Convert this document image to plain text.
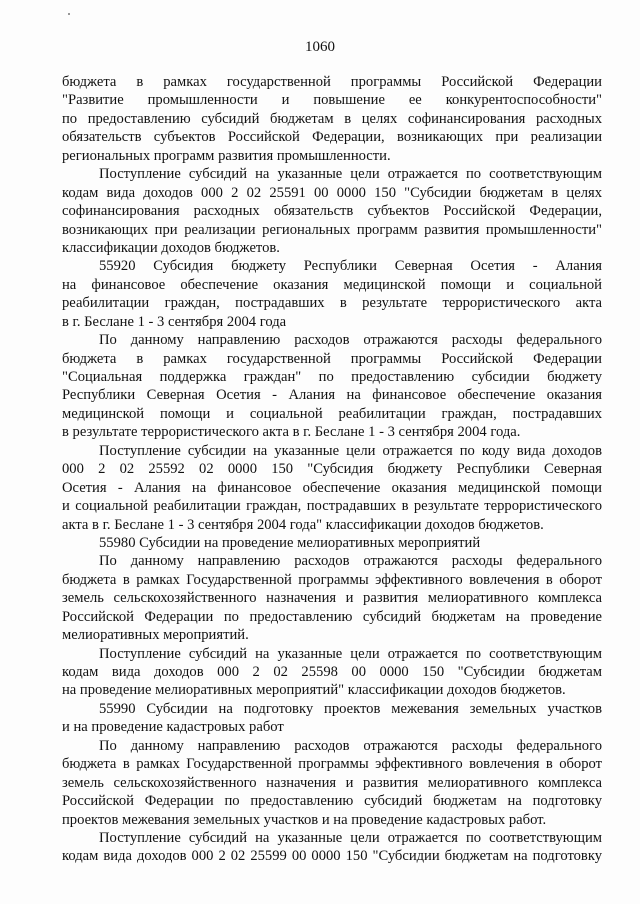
1060
бюджета в рамках государственной программы Российской Федерации
"Развитие промышленности и повышение ее конкурентоспособности"
по предоставлению субсидий бюджетам в целях софинансирования расходных
обязательств субъектов Российской Федерации, возникающих при реализации
региональных программ развития промышленности.
Поступление субсидий на указанные цели отражается по соответствующим
кодам вида доходов 000 2 02 25591 00 0000 150 "Субсидии бюджетам в целях
софинансирования расходных обязательств субъектов Российской Федерации,
возникающих при реализации региональных программ развития промышленности"
классификации доходов бюджетов.
55920 Субсидия бюджету Республики Северная Осетия - Алания
на финансовое обеспечение оказания медицинской помощи и социальной
реабилитации граждан, пострадавших в результате террористического акта
в г. Беслане 1 - 3 сентября 2004 года
По данному направлению расходов отражаются расходы федерального
бюджета в рамках государственной программы Российской Федерации
"Социальная поддержка граждан" по предоставлению субсидии бюджету
Республики Северная Осетия - Алания на финансовое обеспечение оказания
медицинской помощи и социальной реабилитации граждан, пострадавших
в результате террористического акта в г. Беслане 1 - 3 сентября 2004 года.
Поступление субсидии на указанные цели отражается по коду вида доходов
000 2 02 25592 02 0000 150 "Субсидия бюджету Республики Северная
Осетия - Алания на финансовое обеспечение оказания медицинской помощи
и социальной реабилитации граждан, пострадавших в результате террористического
акта в г. Беслане 1 - 3 сентября 2004 года" классификации доходов бюджетов.
55980 Субсидии на проведение мелиоративных мероприятий
По данному направлению расходов отражаются расходы федерального
бюджета в рамках Государственной программы эффективного вовлечения в оборот
земель сельскохозяйственного назначения и развития мелиоративного комплекса
Российской Федерации по предоставлению субсидий бюджетам на проведение
мелиоративных мероприятий.
Поступление субсидий на указанные цели отражается по соответствующим
кодам вида доходов 000 2 02 25598 00 0000 150 "Субсидии бюджетам
на проведение мелиоративных мероприятий" классификации доходов бюджетов.
55990 Субсидии на подготовку проектов межевания земельных участков
и на проведение кадастровых работ
По данному направлению расходов отражаются расходы федерального
бюджета в рамках Государственной программы эффективного вовлечения в оборот
земель сельскохозяйственного назначения и развития мелиоративного комплекса
Российской Федерации по предоставлению субсидий бюджетам на подготовку
проектов межевания земельных участков и на проведение кадастровых работ.
Поступление субсидий на указанные цели отражается по соответствующим
кодам вида доходов 000 2 02 25599 00 0000 150 "Субсидии бюджетам на подготовку
